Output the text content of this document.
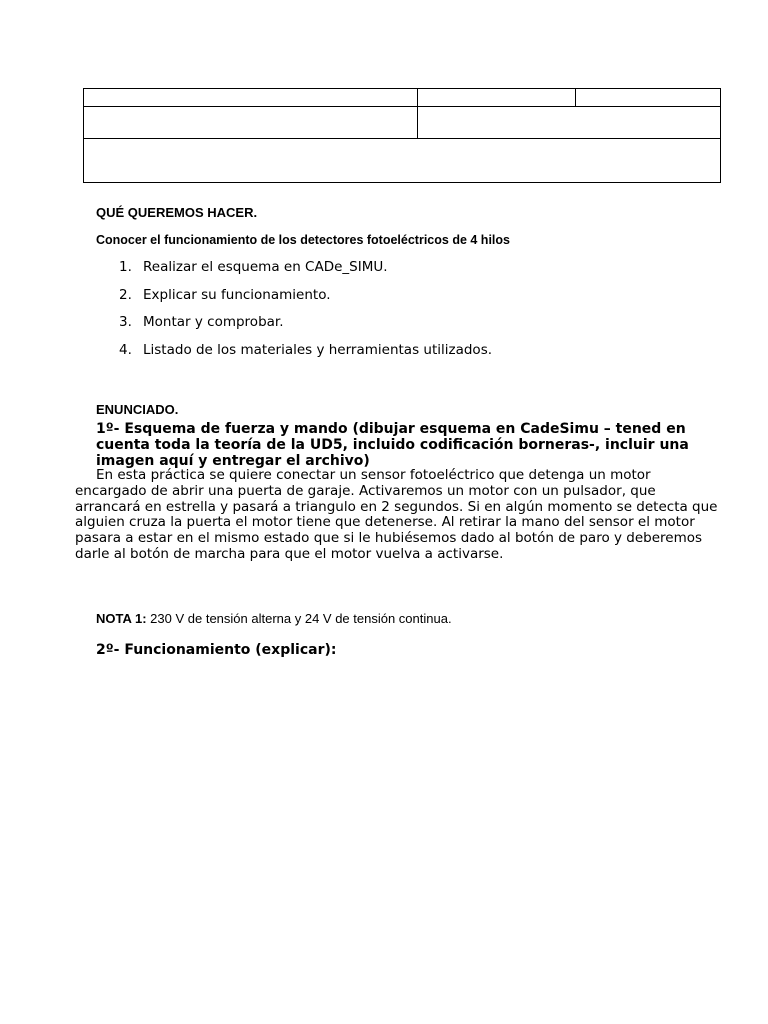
QUÉ QUEREMOS HACER.

Conocer el funcionamiento de los detectores fotoeléctricos de 4 hilos

1. Realizar el esquema en CADe_SIMU.
2. Explicar su funcionamiento.
3. Montar y comprobar.
4. Listado de los materiales y herramientas utilizados.

ENUNCIADO.

1º- Esquema de fuerza y mando (dibujar esquema en CadeSimu – tened en cuenta toda la teoría de la UD5, incluido codificación borneras-, incluir una imagen aquí y entregar el archivo)

En esta práctica se quiere conectar un sensor fotoeléctrico que detenga un motor encargado de abrir una puerta de garaje. Activaremos un motor con un pulsador, que arrancará en estrella y pasará a triangulo en 2 segundos. Si en algún momento se detecta que alguien cruza la puerta el motor tiene que detenerse. Al retirar la mano del sensor el motor pasara a estar en el mismo estado que si le hubiésemos dado al botón de paro y deberemos darle al botón de marcha para que el motor vuelva a activarse.

NOTA 1: 230 V de tensión alterna y 24 V de tensión continua.

2º- Funcionamiento (explicar):
